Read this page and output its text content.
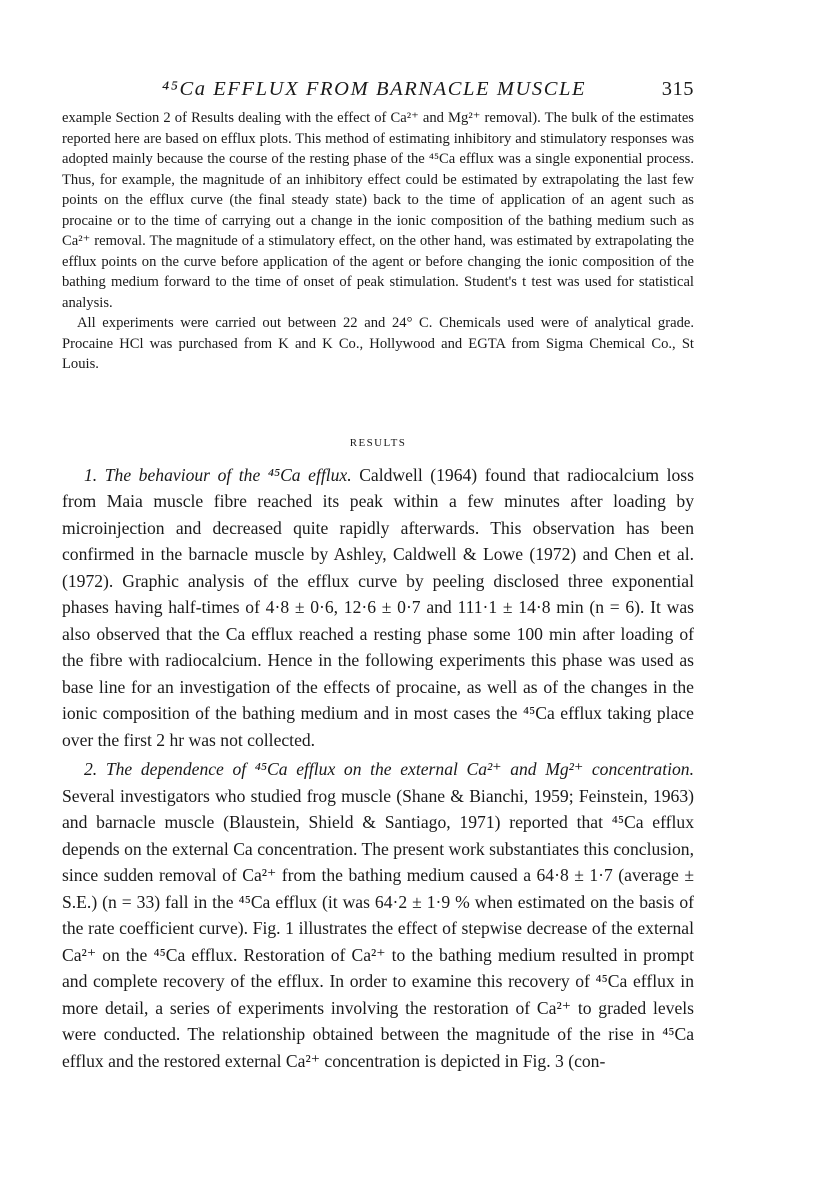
⁴⁵Ca EFFLUX FROM BARNACLE MUSCLE	315

example Section 2 of Results dealing with the effect of Ca²⁺ and Mg²⁺ removal). The bulk of the estimates reported here are based on efflux plots. This method of estimating inhibitory and stimulatory responses was adopted mainly because the course of the resting phase of the ⁴⁵Ca efflux was a single exponential process. Thus, for example, the magnitude of an inhibitory effect could be estimated by extrapolating the last few points on the efflux curve (the final steady state) back to the time of application of an agent such as procaine or to the time of carrying out a change in the ionic composition of the bathing medium such as Ca²⁺ removal. The magnitude of a stimulatory effect, on the other hand, was estimated by extrapolating the efflux points on the curve before application of the agent or before changing the ionic composition of the bathing medium forward to the time of onset of peak stimulation. Student's t test was used for statistical analysis.

All experiments were carried out between 22 and 24° C. Chemicals used were of analytical grade. Procaine HCl was purchased from K and K Co., Hollywood and EGTA from Sigma Chemical Co., St Louis.

RESULTS

1. The behaviour of the ⁴⁵Ca efflux. Caldwell (1964) found that radiocalcium loss from Maia muscle fibre reached its peak within a few minutes after loading by microinjection and decreased quite rapidly afterwards. This observation has been confirmed in the barnacle muscle by Ashley, Caldwell & Lowe (1972) and Chen et al. (1972). Graphic analysis of the efflux curve by peeling disclosed three exponential phases having half-times of 4·8 ± 0·6, 12·6 ± 0·7 and 111·1 ± 14·8 min (n = 6). It was also observed that the Ca efflux reached a resting phase some 100 min after loading of the fibre with radiocalcium. Hence in the following experiments this phase was used as base line for an investigation of the effects of procaine, as well as of the changes in the ionic composition of the bathing medium and in most cases the ⁴⁵Ca efflux taking place over the first 2 hr was not collected.

2. The dependence of ⁴⁵Ca efflux on the external Ca²⁺ and Mg²⁺ concentration. Several investigators who studied frog muscle (Shane & Bianchi, 1959; Feinstein, 1963) and barnacle muscle (Blaustein, Shield & Santiago, 1971) reported that ⁴⁵Ca efflux depends on the external Ca concentration. The present work substantiates this conclusion, since sudden removal of Ca²⁺ from the bathing medium caused a 64·8 ± 1·7 (average ± S.E.) (n = 33) fall in the ⁴⁵Ca efflux (it was 64·2 ± 1·9 % when estimated on the basis of the rate coefficient curve). Fig. 1 illustrates the effect of stepwise decrease of the external Ca²⁺ on the ⁴⁵Ca efflux. Restoration of Ca²⁺ to the bathing medium resulted in prompt and complete recovery of the efflux. In order to examine this recovery of ⁴⁵Ca efflux in more detail, a series of experiments involving the restoration of Ca²⁺ to graded levels were conducted. The relationship obtained between the magnitude of the rise in ⁴⁵Ca efflux and the restored external Ca²⁺ concentration is depicted in Fig. 3 (con-
